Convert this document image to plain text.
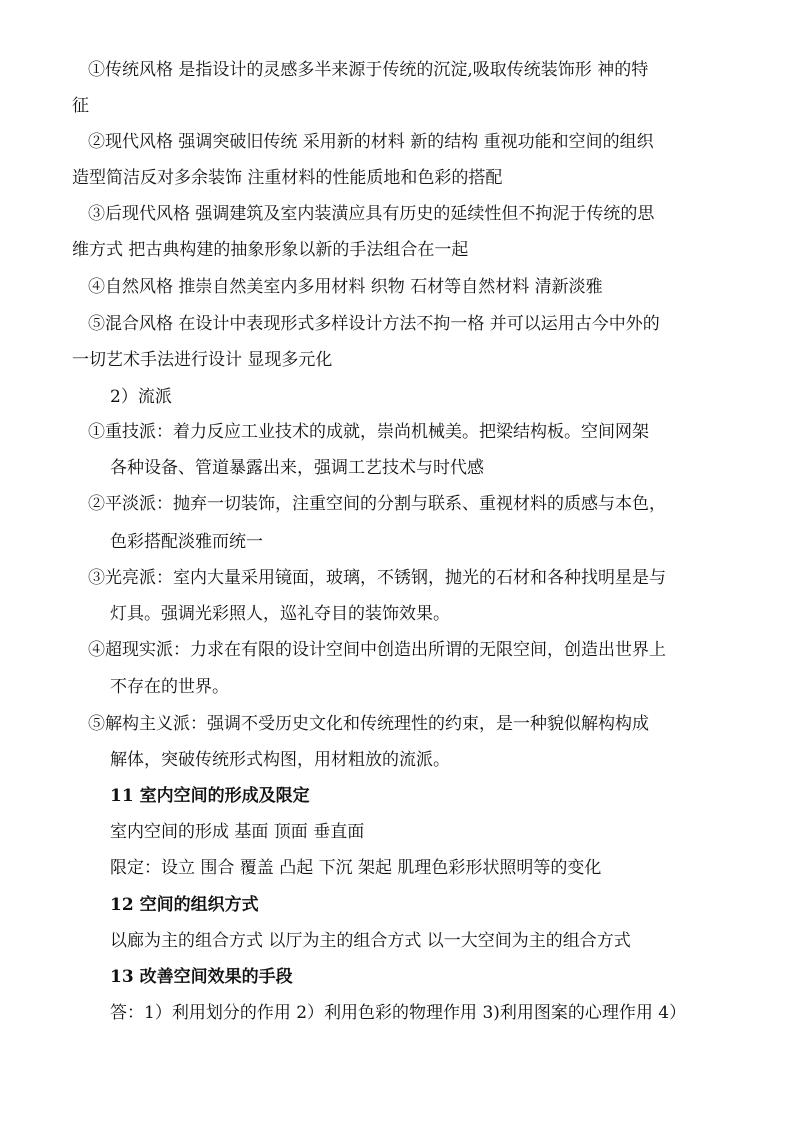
①传统风格 是指设计的灵感多半来源于传统的沉淀,吸取传统装饰形 神的特
征
②现代风格 强调突破旧传统 采用新的材料 新的结构 重视功能和空间的组织
造型简洁反对多余装饰 注重材料的性能质地和色彩的搭配
③后现代风格 强调建筑及室内装潢应具有历史的延续性但不拘泥于传统的思
维方式 把古典构建的抽象形象以新的手法组合在一起
④自然风格 推崇自然美室内多用材料 织物 石材等自然材料 清新淡雅
⑤混合风格 在设计中表现形式多样设计方法不拘一格 并可以运用古今中外的
一切艺术手法进行设计 显现多元化
2）流派
①重技派：着力反应工业技术的成就，崇尚机械美。把梁结构板。空间网架
各种设备、管道暴露出来，强调工艺技术与时代感
②平淡派：抛弃一切装饰，注重空间的分割与联系、重视材料的质感与本色，
色彩搭配淡雅而统一
③光亮派：室内大量采用镜面，玻璃，不锈钢，抛光的石材和各种找明星是与
灯具。强调光彩照人，巡礼夺目的装饰效果。
④超现实派：力求在有限的设计空间中创造出所谓的无限空间，创造出世界上
不存在的世界。
⑤解构主义派：强调不受历史文化和传统理性的约束，是一种貌似解构构成
解体，突破传统形式构图，用材粗放的流派。
11 室内空间的形成及限定
室内空间的形成 基面 顶面 垂直面
限定：设立 围合 覆盖 凸起 下沉 架起 肌理色彩形状照明等的变化
12 空间的组织方式
以廊为主的组合方式 以厅为主的组合方式 以一大空间为主的组合方式
13 改善空间效果的手段
答：1）利用划分的作用 2）利用色彩的物理作用 3)利用图案的心理作用 4）
